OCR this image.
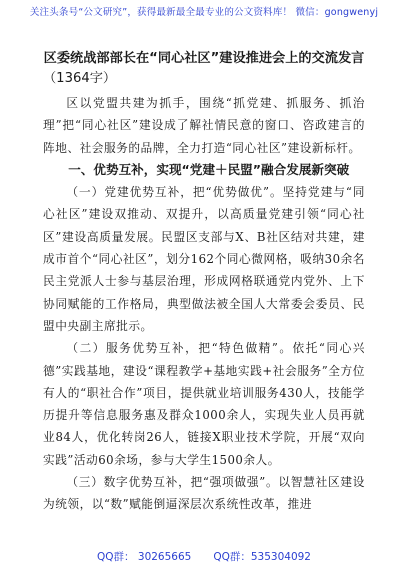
关注头条号“公文研究”，获得最新最全最专业的公文资料库！ 微信：gongwenyj
区委统战部部长在“同心社区”建设推进会上的交流发言
（1364字）

区以党盟共建为抓手，围绕“抓党建、抓服务、抓治理”把“同心社区”建设成了解社情民意的窗口、咨政建言的阵地、社会服务的品牌，全力打造“同心社区”建设新标杆。

一、优势互补，实现“党建＋民盟”融合发展新突破

（一）党建优势互补，把“优势做优”。坚持党建与“同心社区”建设双推动、双提升，以高质量党建引领“同心社区”建设高质量发展。民盟区支部与X、B社区结对共建，建成市首个“同心社区”，划分162个同心微网格，吸纳30余名民主党派人士参与基层治理，形成网格联通党内党外、上下协同赋能的工作格局，典型做法被全国人大常委会委员、民盟中央副主席批示。

（二）服务优势互补，把“特色做精”。依托“同心兴德”实践基地，建设“课程教学+基地实践+社会服务”全方位有人的“职社合作”项目，提供就业培训服务430人，技能学历提升等信息服务惠及群众1000余人，实现失业人员再就业84人，优化转岗26人，链接X职业技术学院，开展“双向实践”活动60余场，参与大学生1500余人。

（三）数字优势互补，把“强项做强”。以智慧社区建设为统领，以“数”赋能倒逼深层次系统性改革，推进

QQ群： 30265665 QQ群：535304092
